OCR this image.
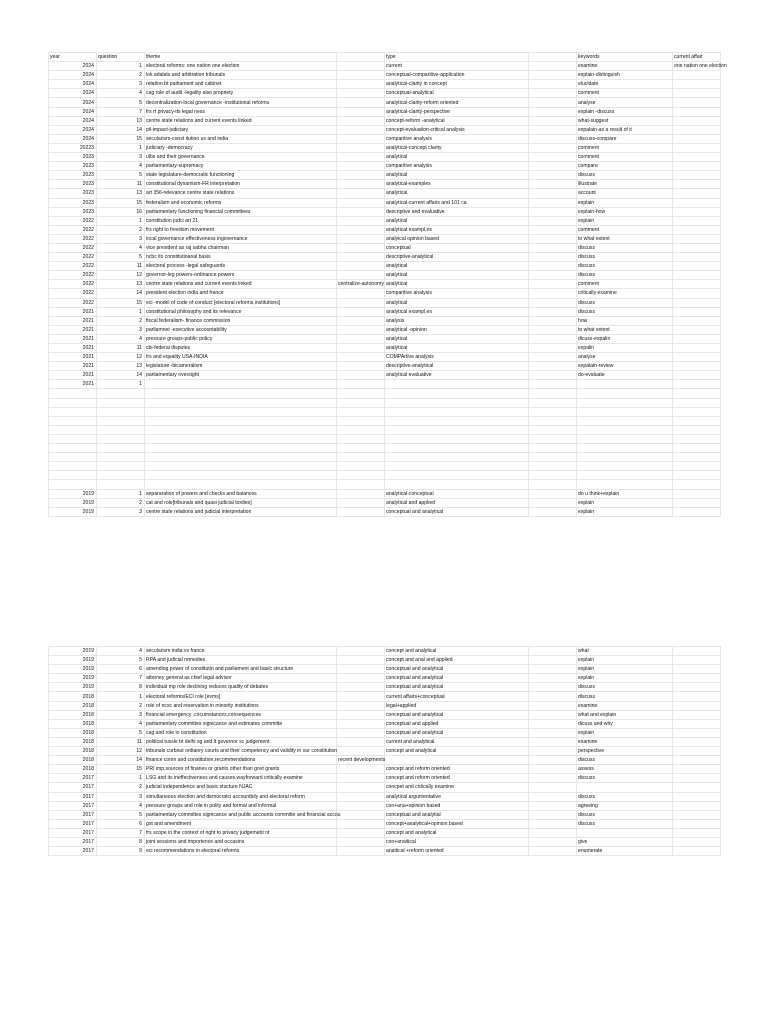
year	question	theme		type		keywords	current affair
2024	1	electoral reforms: one nation one election		current		examine	one nation one election
2024	2	lok adalats and arbitration tribunals		conceptual-comparitive-application		explain-distinguish	
2024	3	relation bt parliament and cabinet		analytical-clarity in concept		elucidate	
2024	4	cag role of audit -legality also propriety		conceptual-analytical		comment	
2024	5	decentralization-local governance -institutional reforms		analytical-clarity-reform oriented		analyse	
2024	7	frs rt privacy-its legal ness		analytical-clarity-perspective		explain -discuss	
2024	13	centre state relations and current events linked		concept-reform -analytical		what-suggest	
2024	14	pil-impact-judiciary		concept-evaluation-critical analysis		expalain-as a result of it	
2024	15	secularism-const itution us and india		comparitive analysis		discuss-compare	
20223	1	judiciary -democracy		analytical-concept clarity		comment	
2023	3	ulbs and their governance		analytical		comment	
2023	4	parliamentary-supremacy		comparitive analysis		compare	
2023	5	state legislature-democratic functioning		analytical		discuss	
2023	11	constitutional dynamism-FR interpretation		analytical-examples		illustrate	
2023	13	art 356-relevance centre state relations		analytical		account	
2023	15	federalism and economic reforms		analytical-current affairs and 101 ca		explain	
2023	16	parliamentary functioning financial committees		descriptive and evaluative		explain-how	
2022	1	constitution judci art 21		analytical		explain	
2022	2	frs right to freedom movement		analytical exampl,es		comment	
2022	3	local governance effectiveness ingovernance		analyical opinion based		to what extent	
2022	4	vice president as raj sabha chairman		conceptual		discuss	
2022	5	ncbc its constitutioanal basis		descriptive-analytical		discuss	
2022	11	electoral process -legal safeguards		analytical		discuss	
2022	12	governor-leg powers-ordinance powers		analytical		discuss	
2022	13	centre state relations and current events linked	centralize-autonomy	analytical		comment	
2022	14	president election india and france		comparitive analysis		critically examine	
2022	15	eci -model of code of conduct [electoral reforms,institutions]		analytical		discuss	
2021	1	constitutional philosophy and its relevance		analytical exampl,es		discuss	
2021	2	fiscal federalism- finance commission		analysis		how	
2021	3	parliamnet -executive accountability		analytical -opinion		to what extent	
2021	4	pressure groups-public policy		analytical		dicuss-expalin	
2021	11	cbi-federal disputes		analytical		expalin	
2021	12	frs and equality USA-INDIA		COMPArtive analysis		analyse	
2021	13	legislature -bicameralism		descriptive-analytical		expalain-review	
2021	14	parliamentary oversight		analytical evaluative		do-evaluate	
2021	1						

2019	1	separaration of powers and checks and balances		analytical-conceptual		do u think+explain	
2019	2	cat and role[tribunals and quasi judicial bodies]		analytical and applied		explain	
2019	3	centre state relations and judicial interpretation		conceptual and analytical		explain	
2019	4	secularism india vs france		concept and analytical		what	
2019	5	RPA and judicial remedies		concept and anal and applied		explain	
2019	6	amending power of constitutin and parliament and basic structure		conceptual and analytical		explain	
2019	7	attorney general as chief legal advisor		conceptual and analytical		explain	
2019	8	individual mp role declining reduces quality of debates		conceptual and analytical		discuss	
2018	1	electoral reforms/ECI role [evms]		current affairs+conceptual		discuss	
2018	2	role of ncsc and reservation in minority institutions		legal+applied		examine	
2018	3	financial emergency ,circumstances,consequences		conceptual and analytical		what and explain	
2018	4	parliamentary committes signicance and estimates committe		conceptual and applied		dicuss and why	
2018	5	cag and role in constitution		conceptual and analytical		explain	
2018	11	political tussle bt delhi sg and lt governor sc judgement		current and analytical		examine	
2018	12	tribunals curbout ordianry courts and their competency and validity in our constitution		concept and analytical		perspective	
2018	14	finance comn and constitution,recommendations	recent developments			discuss	
2018	15	PRI imp,sources of finanes or grants other than govt grants		concept and reform oriented		assess	
2017	1	LSG and its ineffectiveness and causes,wayforward critically examine		concept and reform oriented		discuss	
2017	2	judicial independence and basic stucture NJAC		concpet and critically examine			
2017	3	simultaneous election and democratci accountbily and electoral reform		analytical argumentative		discuss	
2017	4	pressure groups and role in polity and formal and informal		con+ana+opinion based		agreeing	
2017	5	parliamentary committes signicance and public accounts committe and financial accou		conceptual and analytial		discuss	
2017	6	gst and amendment		concept+analytical+opinion based		discuss	
2017	7	frs scope in the context of right to privacy judgemebt nt		concept and analytical			
2017	8	joint sessions and importence and occasins		con+anaitical		give	
2017	9	eci recommendations in electoral reforms		anaitical +reform oriented		enumerate	
